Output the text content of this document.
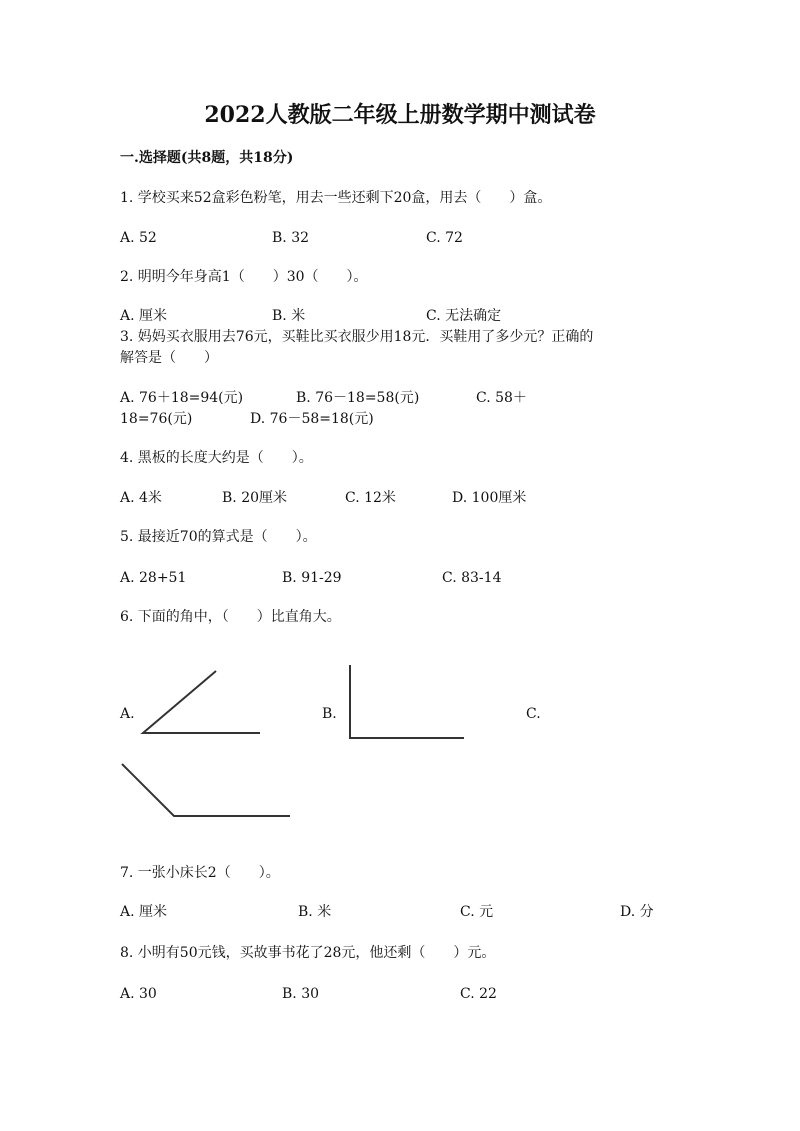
2022人教版二年级上册数学期中测试卷
一.选择题(共8题，共18分)
1. 学校买来52盒彩色粉笔，用去一些还剩下20盒，用去（　　）盒。
A. 52	B. 32	C. 72
2. 明明今年身高1（　　）30（　　）。
A. 厘米	B. 米	C. 无法确定
3. 妈妈买衣服用去76元，买鞋比买衣服少用18元．买鞋用了多少元？正确的
解答是（　　）
A. 76＋18=94(元)	B. 76－18=58(元)	C. 58＋
18=76(元)	D. 76－58=18(元)
4. 黑板的长度大约是（　　）。
A. 4米	B. 20厘米	C. 12米	D. 100厘米
5. 最接近70的算式是（　　）。
A. 28+51	B. 91-29	C. 83-14
6. 下面的角中，（　　）比直角大。
A.	B.	C.
7. 一张小床长2（　　）。
A. 厘米	B. 米	C. 元	D. 分
8. 小明有50元钱，买故事书花了28元，他还剩（　　）元。
A. 30	B. 30	C. 22
